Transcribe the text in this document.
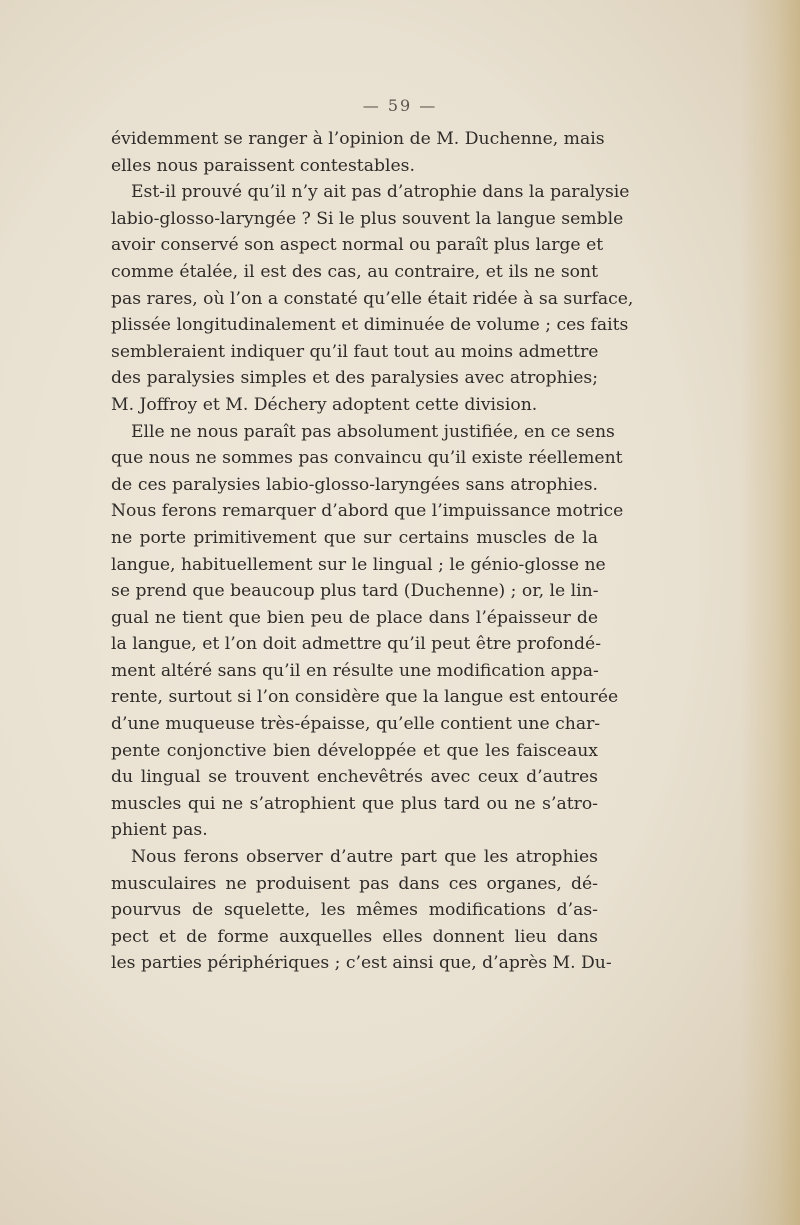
— 59 —
évidemment se ranger à l’opinion de M. Duchenne, mais
elles nous paraissent contestables.
Est-il prouvé qu’il n’y ait pas d’atrophie dans la paralysie
labio-glosso-laryngée ? Si le plus souvent la langue semble
avoir conservé son aspect normal ou paraît plus large et
comme étalée, il est des cas, au contraire, et ils ne sont
pas rares, où l’on a constaté qu’elle était ridée à sa surface,
plissée longitudinalement et diminuée de volume ; ces faits
sembleraient indiquer qu’il faut tout au moins admettre
des paralysies simples et des paralysies avec atrophies;
M. Joffroy et M. Déchery adoptent cette division.
Elle ne nous paraît pas absolument justifiée, en ce sens
que nous ne sommes pas convaincu qu’il existe réellement
de ces paralysies labio-glosso-laryngées sans atrophies.
Nous ferons remarquer d’abord que l’impuissance motrice
ne porte primitivement que sur certains muscles de la
langue, habituellement sur le lingual ; le génio-glosse ne
se prend que beaucoup plus tard (Duchenne) ; or, le lin-
gual ne tient que bien peu de place dans l’épaisseur de
la langue, et l’on doit admettre qu’il peut être profondé-
ment altéré sans qu’il en résulte une modification appa-
rente, surtout si l’on considère que la langue est entourée
d’une muqueuse très-épaisse, qu’elle contient une char-
pente conjonctive bien développée et que les faisceaux
du lingual se trouvent enchevêtrés avec ceux d’autres
muscles qui ne s’atrophient que plus tard ou ne s’atro-
phient pas.
Nous ferons observer d’autre part que les atrophies
musculaires ne produisent pas dans ces organes, dé-
pourvus de squelette, les mêmes modifications d’as-
pect et de forme auxquelles elles donnent lieu dans
les parties périphériques ; c’est ainsi que, d’après M. Du-
